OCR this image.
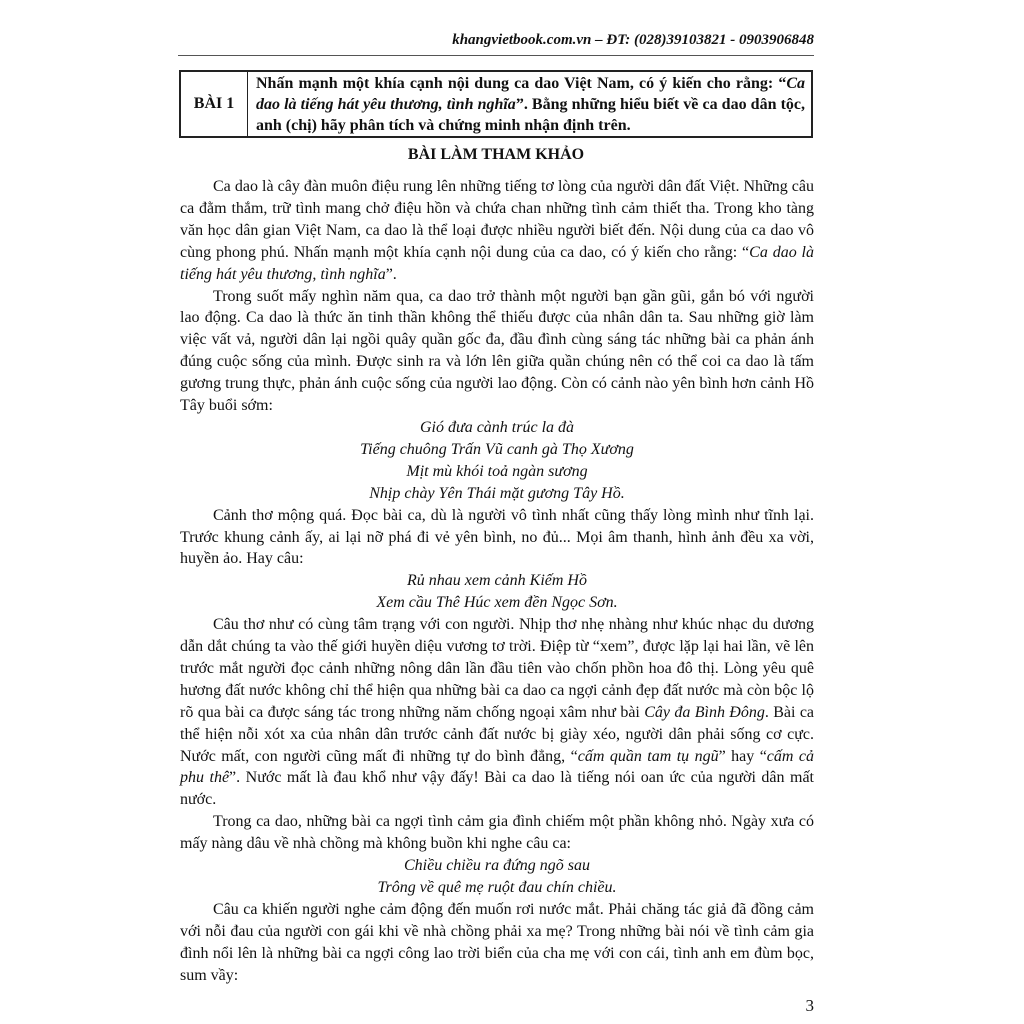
khangvietbook.com.vn – ĐT: (028)39103821 - 0903906848
BÀI 1
Nhấn mạnh một khía cạnh nội dung ca dao Việt Nam, có ý kiến cho rằng: “Ca dao là tiếng hát yêu thương, tình nghĩa”. Bằng những hiểu biết về ca dao dân tộc, anh (chị) hãy phân tích và chứng minh nhận định trên.
BÀI LÀM THAM KHẢO

Ca dao là cây đàn muôn điệu rung lên những tiếng tơ lòng của người dân đất Việt. Những câu ca đằm thắm, trữ tình mang chở điệu hồn và chứa chan những tình cảm thiết tha. Trong kho tàng văn học dân gian Việt Nam, ca dao là thể loại được nhiều người biết đến. Nội dung của ca dao vô cùng phong phú. Nhấn mạnh một khía cạnh nội dung của ca dao, có ý kiến cho rằng: “Ca dao là tiếng hát yêu thương, tình nghĩa”.

Trong suốt mấy nghìn năm qua, ca dao trở thành một người bạn gần gũi, gắn bó với người lao động. Ca dao là thức ăn tinh thần không thể thiếu được của nhân dân ta. Sau những giờ làm việc vất vả, người dân lại ngồi quây quần gốc đa, đầu đình cùng sáng tác những bài ca phản ánh đúng cuộc sống của mình. Được sinh ra và lớn lên giữa quần chúng nên có thể coi ca dao là tấm gương trung thực, phản ánh cuộc sống của người lao động. Còn có cảnh nào yên bình hơn cảnh Hồ Tây buổi sớm:

Gió đưa cành trúc la đà
Tiếng chuông Trấn Vũ canh gà Thọ Xương
Mịt mù khói toả ngàn sương
Nhịp chày Yên Thái mặt gương Tây Hồ.

Cảnh thơ mộng quá. Đọc bài ca, dù là người vô tình nhất cũng thấy lòng mình như tĩnh lại. Trước khung cảnh ấy, ai lại nỡ phá đi vẻ yên bình, no đủ... Mọi âm thanh, hình ảnh đều xa vời, huyền ảo. Hay câu:

Rủ nhau xem cảnh Kiếm Hồ
Xem cầu Thê Húc xem đền Ngọc Sơn.

Câu thơ như có cùng tâm trạng với con người. Nhịp thơ nhẹ nhàng như khúc nhạc du dương dẫn dắt chúng ta vào thế giới huyền diệu vương tơ trời. Điệp từ “xem”, được lặp lại hai lần, vẽ lên trước mắt người đọc cảnh những nông dân lần đầu tiên vào chốn phồn hoa đô thị. Lòng yêu quê hương đất nước không chỉ thể hiện qua những bài ca dao ca ngợi cảnh đẹp đất nước mà còn bộc lộ rõ qua bài ca được sáng tác trong những năm chống ngoại xâm như bài Cây đa Bình Đông. Bài ca thể hiện nỗi xót xa của nhân dân trước cảnh đất nước bị giày xéo, người dân phải sống cơ cực. Nước mất, con người cũng mất đi những tự do bình đẳng, “cấm quần tam tụ ngũ” hay “cấm cả phu thê”. Nước mất là đau khổ như vậy đấy! Bài ca dao là tiếng nói oan ức của người dân mất nước.

Trong ca dao, những bài ca ngợi tình cảm gia đình chiếm một phần không nhỏ. Ngày xưa có mấy nàng dâu về nhà chồng mà không buồn khi nghe câu ca:

Chiều chiều ra đứng ngõ sau
Trông về quê mẹ ruột đau chín chiều.

Câu ca khiến người nghe cảm động đến muốn rơi nước mắt. Phải chăng tác giả đã đồng cảm với nỗi đau của người con gái khi về nhà chồng phải xa mẹ? Trong những bài nói về tình cảm gia đình nổi lên là những bài ca ngợi công lao trời biển của cha mẹ với con cái, tình anh em đùm bọc, sum vầy:

3
